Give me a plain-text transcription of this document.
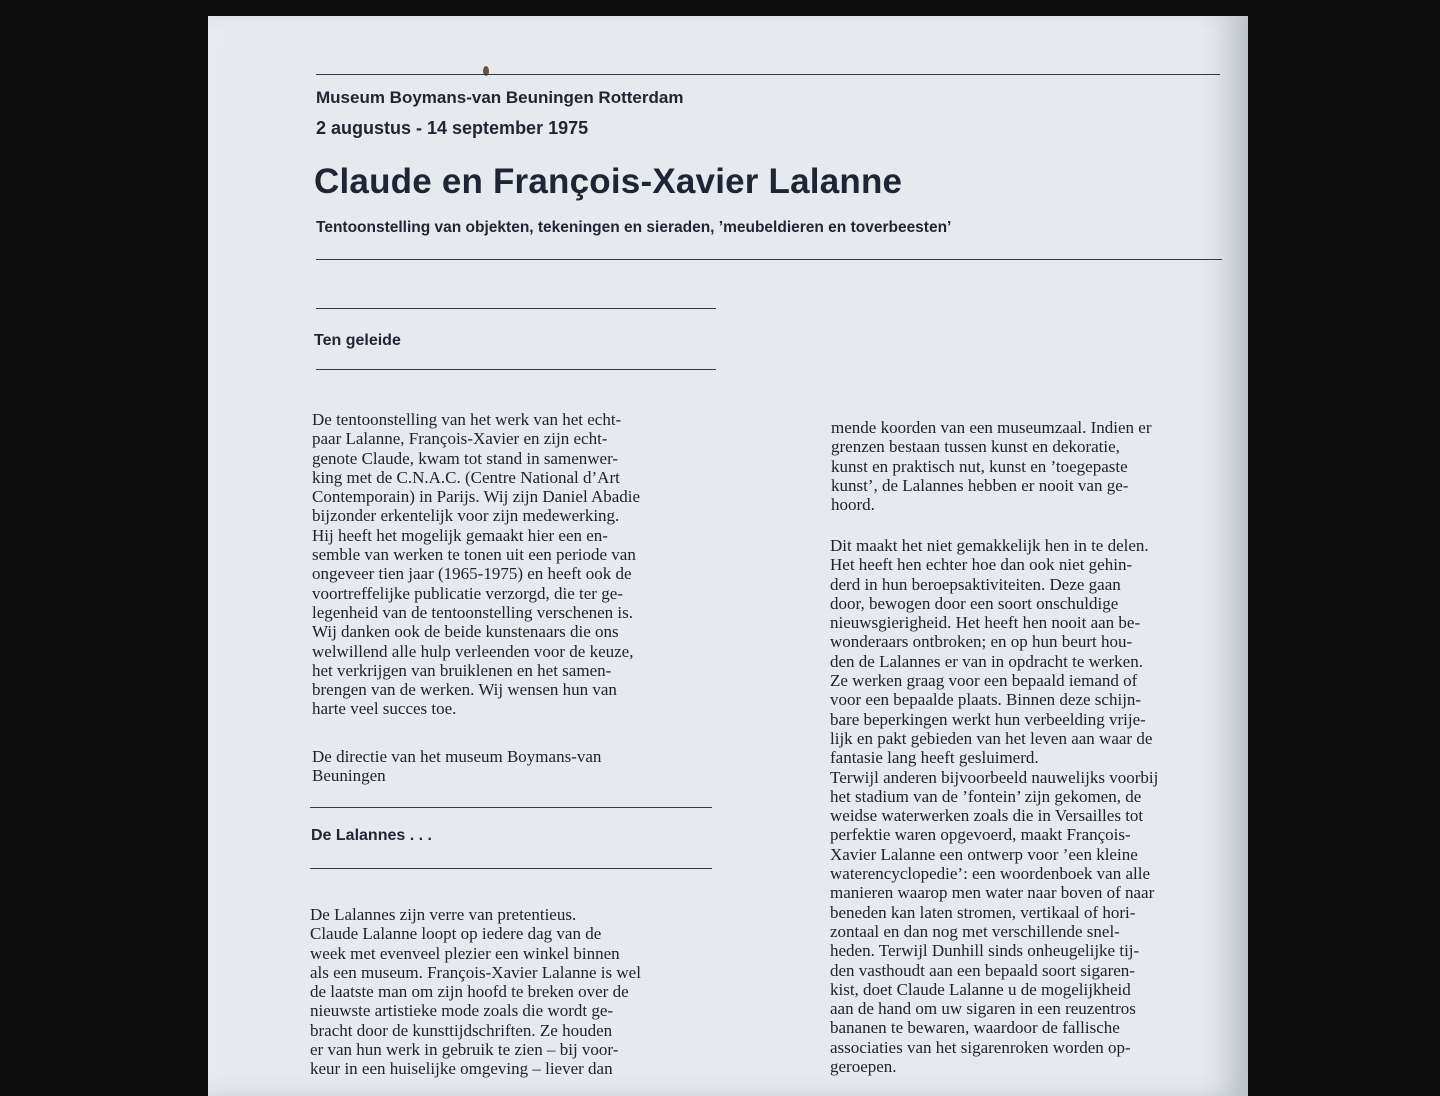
Museum Boymans-van Beuningen Rotterdam
2 augustus - 14 september 1975
Claude en François-Xavier Lalanne
Tentoonstelling van objekten, tekeningen en sieraden, ’meubeldieren en toverbeesten’
Ten geleide
De tentoonstelling van het werk van het echt-
paar Lalanne, François-Xavier en zijn echt-
genote Claude, kwam tot stand in samenwer-
king met de C.N.A.C. (Centre National d’Art
Contemporain) in Parijs. Wij zijn Daniel Abadie
bijzonder erkentelijk voor zijn medewerking.
Hij heeft het mogelijk gemaakt hier een en-
semble van werken te tonen uit een periode van
ongeveer tien jaar (1965-1975) en heeft ook de
voortreffelijke publicatie verzorgd, die ter ge-
legenheid van de tentoonstelling verschenen is.
Wij danken ook de beide kunstenaars die ons
welwillend alle hulp verleenden voor de keuze,
het verkrijgen van bruiklenen en het samen-
brengen van de werken. Wij wensen hun van
harte veel succes toe.
De directie van het museum Boymans-van
Beuningen
De Lalannes . . .
De Lalannes zijn verre van pretentieus.
Claude Lalanne loopt op iedere dag van de
week met evenveel plezier een winkel binnen
als een museum. François-Xavier Lalanne is wel
de laatste man om zijn hoofd te breken over de
nieuwste artistieke mode zoals die wordt ge-
bracht door de kunsttijdschriften. Ze houden
er van hun werk in gebruik te zien – bij voor-
keur in een huiselijke omgeving – liever dan
mende koorden van een museumzaal. Indien er
grenzen bestaan tussen kunst en dekoratie,
kunst en praktisch nut, kunst en ’toegepaste
kunst’, de Lalannes hebben er nooit van ge-
hoord.
Dit maakt het niet gemakkelijk hen in te delen.
Het heeft hen echter hoe dan ook niet gehin-
derd in hun beroepsaktiviteiten. Deze gaan
door, bewogen door een soort onschuldige
nieuwsgierigheid. Het heeft hen nooit aan be-
wonderaars ontbroken; en op hun beurt hou-
den de Lalannes er van in opdracht te werken.
Ze werken graag voor een bepaald iemand of
voor een bepaalde plaats. Binnen deze schijn-
bare beperkingen werkt hun verbeelding vrije-
lijk en pakt gebieden van het leven aan waar de
fantasie lang heeft gesluimerd.
Terwijl anderen bijvoorbeeld nauwelijks voorbij
het stadium van de ’fontein’ zijn gekomen, de
weidse waterwerken zoals die in Versailles tot
perfektie waren opgevoerd, maakt François-
Xavier Lalanne een ontwerp voor ’een kleine
waterencyclopedie’: een woordenboek van alle
manieren waarop men water naar boven of naar
beneden kan laten stromen, vertikaal of hori-
zontaal en dan nog met verschillende snel-
heden. Terwijl Dunhill sinds onheugelijke tij-
den vasthoudt aan een bepaald soort sigaren-
kist, doet Claude Lalanne u de mogelijkheid
aan de hand om uw sigaren in een reuzentros
bananen te bewaren, waardoor de fallische
associaties van het sigarenroken worden op-
geroepen.
